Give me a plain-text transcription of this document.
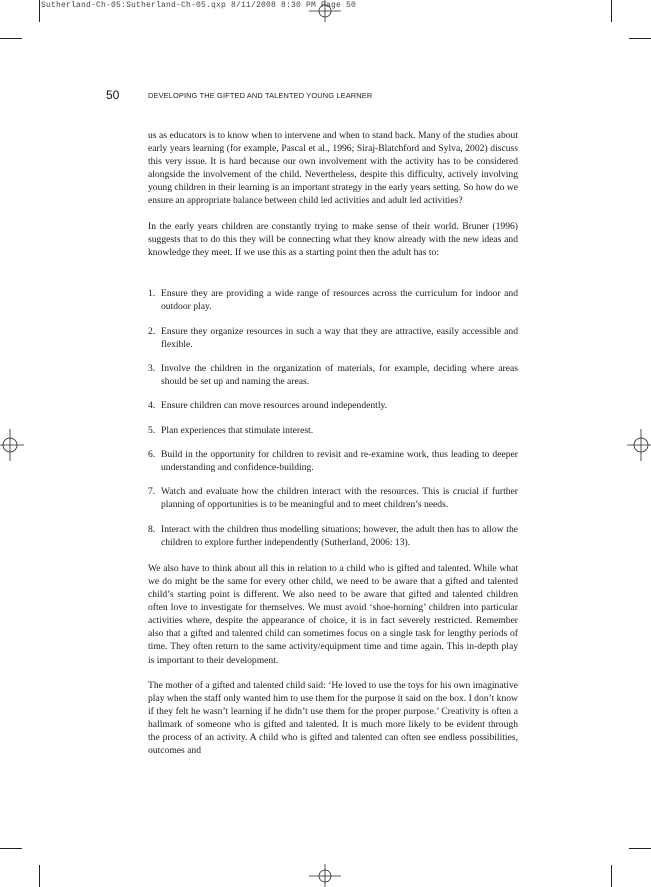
Sutherland-Ch-05:Sutherland-Ch-05.qxp 8/11/2008 8:30 PM Page 50
50	DEVELOPING THE GIFTED AND TALENTED YOUNG LEARNER

us as educators is to know when to intervene and when to stand back. Many of the studies about early years learning (for example, Pascal et al., 1996; Siraj-Blatchford and Sylva, 2002) discuss this very issue. It is hard because our own involvement with the activity has to be considered alongside the involvement of the child. Nevertheless, despite this difficulty, actively involving young children in their learning is an important strategy in the early years setting. So how do we ensure an appropriate balance between child led activities and adult led activities?

In the early years children are constantly trying to make sense of their world. Bruner (1996) suggests that to do this they will be connecting what they know already with the new ideas and knowledge they meet. If we use this as a starting point then the adult has to:

1. Ensure they are providing a wide range of resources across the curriculum for indoor and outdoor play.
2. Ensure they organize resources in such a way that they are attractive, easily accessible and flexible.
3. Involve the children in the organization of materials, for example, deciding where areas should be set up and naming the areas.
4. Ensure children can move resources around independently.
5. Plan experiences that stimulate interest.
6. Build in the opportunity for children to revisit and re-examine work, thus leading to deeper understanding and confidence-building.
7. Watch and evaluate how the children interact with the resources. This is crucial if further planning of opportunities is to be meaningful and to meet children’s needs.
8. Interact with the children thus modelling situations; however, the adult then has to allow the children to explore further independently (Sutherland, 2006: 13).

We also have to think about all this in relation to a child who is gifted and talented. While what we do might be the same for every other child, we need to be aware that a gifted and talented child’s starting point is different. We also need to be aware that gifted and talented children often love to investigate for themselves. We must avoid ‘shoe-horning’ children into particular activities where, despite the appearance of choice, it is in fact severely restricted. Remember also that a gifted and talented child can sometimes focus on a single task for lengthy periods of time. They often return to the same activity/equipment time and time again. This in-depth play is important to their development.

The mother of a gifted and talented child said: ‘He loved to use the toys for his own imaginative play when the staff only wanted him to use them for the purpose it said on the box. I don’t know if they felt he wasn’t learning if he didn’t use them for the proper purpose.’ Creativity is often a hallmark of someone who is gifted and talented. It is much more likely to be evident through the process of an activity. A child who is gifted and talented can often see endless possibilities, outcomes and
